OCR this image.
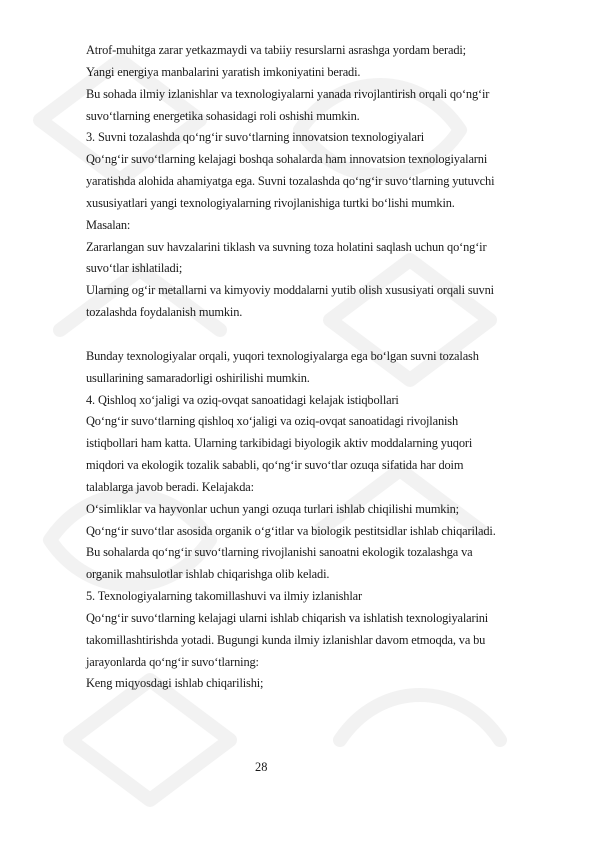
Atrof-muhitga zarar yetkazmaydi va tabiiy resurslarni asrashga yordam beradi;
Yangi energiya manbalarini yaratish imkoniyatini beradi.
Bu sohada ilmiy izlanishlar va texnologiyalarni yanada rivojlantirish orqali qo‘ng‘ir
suvo‘tlarning energetika sohasidagi roli oshishi mumkin.
3. Suvni tozalashda qo‘ng‘ir suvo‘tlarning innovatsion texnologiyalari
Qo‘ng‘ir suvo‘tlarning kelajagi boshqa sohalarda ham innovatsion texnologiyalarni
yaratishda alohida ahamiyatga ega. Suvni tozalashda qo‘ng‘ir suvo‘tlarning yutuvchi
xususiyatlari yangi texnologiyalarning rivojlanishiga turtki bo‘lishi mumkin.
Masalan:
Zararlangan suv havzalarini tiklash va suvning toza holatini saqlash uchun qo‘ng‘ir
suvo‘tlar ishlatiladi;
Ularning og‘ir metallarni va kimyoviy moddalarni yutib olish xususiyati orqali suvni
tozalashda foydalanish mumkin.
Bunday texnologiyalar orqali, yuqori texnologiyalarga ega bo‘lgan suvni tozalash
usullarining samaradorligi oshirilishi mumkin.
4. Qishloq xo‘jaligi va oziq-ovqat sanoatidagi kelajak istiqbollari
Qo‘ng‘ir suvo‘tlarning qishloq xo‘jaligi va oziq-ovqat sanoatidagi rivojlanish
istiqbollari ham katta. Ularning tarkibidagi biyologik aktiv moddalarning yuqori
miqdori va ekologik tozalik sababli, qo‘ng‘ir suvo‘tlar ozuqa sifatida har doim
talablarga javob beradi. Kelajakda:
O‘simliklar va hayvonlar uchun yangi ozuqa turlari ishlab chiqilishi mumkin;
Qo‘ng‘ir suvo‘tlar asosida organik o‘g‘itlar va biologik pestitsidlar ishlab chiqariladi.
Bu sohalarda qo‘ng‘ir suvo‘tlarning rivojlanishi sanoatni ekologik tozalashga va
organik mahsulotlar ishlab chiqarishga olib keladi.
5. Texnologiyalarning takomillashuvi va ilmiy izlanishlar
Qo‘ng‘ir suvo‘tlarning kelajagi ularni ishlab chiqarish va ishlatish texnologiyalarini
takomillashtirishda yotadi. Bugungi kunda ilmiy izlanishlar davom etmoqda, va bu
jarayonlarda qo‘ng‘ir suvo‘tlarning:
Keng miqyosdagi ishlab chiqarilishi;
28
